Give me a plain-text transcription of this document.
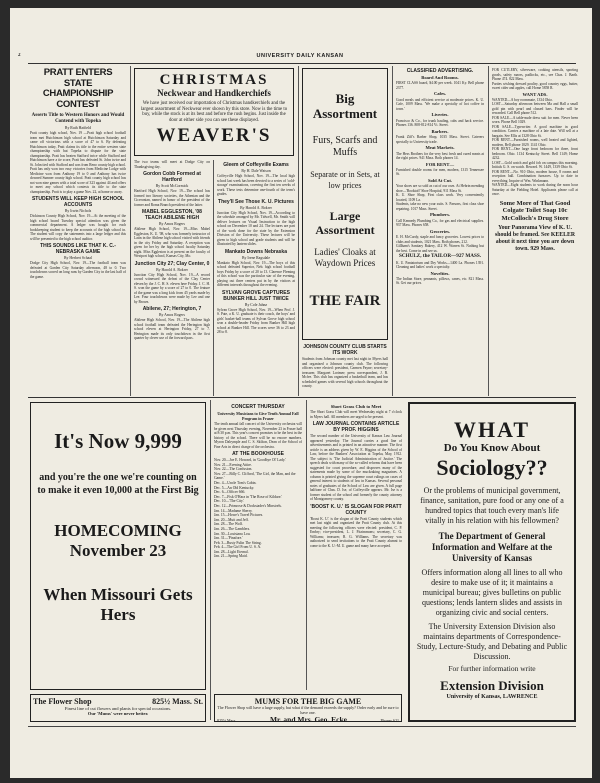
2	UNIVERSITY DAILY KANSAN
PRATT ENTERS STATE CHAMPIONSHIP CONTEST
Asserts Title to Western Honors and Would Contend with Topeka
By Ruth Hatfield
Pratt county high school, Nov. 19 —Pratt high school football team met Hutchinson high school at Hutchinson Saturday and came off victorious with a score of 47 to 6. By defeating Hutchinson today, Pratt claims its title to the entire western state championship with but Topeka to dispute for the state championship. Pratt has beaten Stafford twice while Stafford and Hutchinson have a tie score, Pratt has defeated St. John twice and St. John tied with Stafford and was from Reno county high school. Pratt has only won two easy victories from Medicine Lodge with Medicine won from Anthony 19 to 0 and Anthony has twice downed Sumner county high school. Pratt county high school has not won nine games with a total score of 323 against 44 and offers to meet any school which contests its title to the state championship. Pratt is to play a game Nov. 22, at home or away.
STUDENTS WILL KEEP HIGH SCHOOL ACCOUNTS
By Irwin Nichols
Dickinson County High School, Nov. 19—At the meeting of the high school board Tuesday special attention was given the commercial department. A ledger was bought for each bookkeeping student to keep the accounts of the high school in. The student will copy the statements into a large ledger and this will be presented to the high school auditor.
THIS SOUNDS LIKE THAT K. C.-NEBRASKA GAME
By Herbert Schaal
Dodge City High School, Nov. 19—The football team was defeated at Garden City Saturday afternoon, 48 to 0. Two touchdowns scored on long runs by Garden City in the last half of the game.
CHRISTMAS
Neckwear and Handkerchiefs
We have just received our importation of Christmas handkerchiefs and the largest assortment of Neckwear ever shown by this store. Now is the time to buy, while the stock is at its best and before the rush begins. Just inside the door at either side you can see these displayed.
WEAVER'S
The two teams will meet at Dodge City on Thanksgiving day.
Gordon Cobb Formed at Hartford
By Scott McCormick
Hartford High School, Nov. 19—The school has formed two literary societies, the Athenian and the Ciceronian, named in honor of the president of the former and Roma Branch president of the latter.
MABEL EGGLESTON, '08 TEACH ABILENE HIGH
By Amos Rogers
Abilene High School, Nov. 19—Miss Mabel Eggleston, K. U. '08, who was formerly instructor of Latin in the Abilene high school visited with friends in the city Friday and Saturday. A reception was given for her by the high school faculty Saturday night. Miss Eggleston is at present on the faculty of Westport high school, Kansas City, Mo.
Junction City 27; Clay Center, 0
By Harold A. Bokrer
Junction City High School, Nov. 19—A record crowd witnessed the defeat of the Clay Center eleven by the J. C. H. S. eleven here Friday. J. C. H. S. won the game by a score of 27 to 0. The feature of the game was a long kick from 45 yards made by Lee. Four touchdowns were made by Lee and one by Brown.
Abilene, 27; Herington, 7
By Amos Rogers
Abilene High School, Nov. 19—The Abilene high school football team defeated the Herington high school eleven at Herington Friday, 27 to 7. Herington made its only touchdown in the first quarter by clever use of the forward pass.
Gleem of Coffeyville Exams
By H. Dale Watson
Coffeyville High School, Nov. 19—The local high school last week has been devoted to a series of 'cold-storage' examinations, covering the first ten weeks of work. These tests determine one-fourth of the term's grades.
They'll See Those K. U. Pictures
By Harold A. Bokrer
Junction City High School, Nov. 19—According to the schedule arranged by Mr. Tidwell, Mr. Smith will deliver lectures on Visual Instruction to the high school on December 10 and 24. The lectures are part of the work done for the state by the Extension Division of the University. These lectures will be given to high school and grade students and will be illustrated by lantern slides.
Mankato Downs Nebraska
By Irene Ragsdale
Mankato High School, Nov. 19—The boys of this school defeated Superior, Neb. high school football boys Friday by a score of 20 to 13. Clarence Fleming of this school was the particular star of the evening, playing out three centers put in by the visitors at different intervals throughout the evening.
SYLVAN GROVE CAPTURES BUNKER HILL JUST TWICE
By Cole Jahnz
Sylvan Grove High School, Nov. 19—When Prof. J. S. Pate, a K. U. graduate is their coach, the boys' and girls' basket-ball teams of Sylvan Grove high school won a double-header Friday from Bunker Hill high school at Bunker Hill. The scores were 36 to 23 and 28 to 8.
Big
Assortment
Furs, Scarfs and Muffs
Separate or in Sets, at low prices
Large
Assortment
Ladies' Cloaks at Waydown Prices
THE FAIR
JOHNSON COUNTY CLUB STARTS ITS WORK
Students from Johnson county met last night in Myers hall and organized a Johnson county club. The following officers were elected: president, Carmen Payne; secretary-treasurer, Margaret Lorimer; press correspondent, J. B. Mcfee. This club has organized a basketball team, and has scheduled games with several high schools throughout the county.
CLASSIFIED ADVERTISING.
Board And Rooms.
FIRST CLASS board, $4.00 per week. 1041 Ky. Bell phone 2377.
Cafes.
Good meals and efficient service at moderate prices. K. U. Cafe, 1009 Mass. 'We make a specialty of hot coffee in town.'
Liveries.
Francisco & Co., for trunk hauling, cabs and hack service. Phones 136. 808-812-814 Vt. Street.
Barbers.
Frank Ziff's Barber Shop, 1035 Mass. Street. Caterers specially to University trade.
Meat Markets.
The Hess Brothers for the very best fresh and cured meats at the right prices. 941 Mass. Both phones 14.
FOR RENT—
Furnished double rooms for men, modern, 1315 Tennessee St.
Sold At Cut.
Your shoes are so sold as cut of our own. At Hebrin mending shoe—'Booktoff' Shoe Hospital, 911 Mass St.
K. U. Shoe Shop, First class work. Very conveniently located, 1109 La.
Students, take no new your suits. S. Parsons, first class shoe repairing. 1017 Mass. Street.
Plumbers.
Call Kennedy Plumbing Co., for gas and electrical supplies. 937 Mass. Phones 658.
Groceries.
E. H. McCurdy, staple and fancy groceries. Lowest prices to clubs and students, 1021 Mass. Both phones, 212.
Gillham's Sanitary Bakery, 412 W. Warren St. Nothing but the best. Come in and see us.
SCHULZ, the TAILOR—927 MASS.
K. U. Pantatorium and Dry Works—1400 La. Phones 1391. Cleaning and ladies' work a specialty.
Novelties.
The Indian Store, pennants, pillows, canes, etc. 821 Mass. St. Get our prices.
FOR CUTLERY, silverware, cooking utensils, sporting goods, safety razors, padlocks, etc., see Chas. J. Barth. Phone 474. 822 Mass.
Parties wishing dressed poultry, good country eggs, butter, sweet cider and apples, call Home 5858 R.
WANT ADS.
WANTED—A boy roommate, 1334 Ohio.
LOST—Saturday afternoon between Ma and Hall a small gold pin with pearl and chased bars. Finder will be rewarded. Call Bell phone 512.
FOR SALE—A table-nude dress suit for men. Never been worn. Phone Bell 1029.
FOR SALE—Typewriter. A good machine in good condition. Carries a machine of a late date. Will sell at a bargain. See Ellis at 1328 Ohio St.
FOR RENT—Furnished rooms, well heated and lighted, modern, Bell phone 1029. 1141 Ohio.
FOR RENT—One large front bedroom for three, front bedroom. Ohio. 1134 Kentucky Street. Bell 1149; Home 4232.
LOST—Gold watch and gold fob on campus this morning. Initials G. S. on watch. Reward. W. 1449, 1339 Ohio St.
FOR RENT—No. 910 Ohio, modern house, 8 rooms and reception hall. Combination furnaces. Up to date in everything. Inquire of Wm. Winkmann.
WANTED—Eight students to work during the noon hour Saturday at the Fielding Hotel. Applicants please call at once.
Some More of That Good
Colgate Toilet Soap 10c
McColloch's Drug Store
Your Panorama View of K. U. should be framed. See KEELER about it next time you are down town. 929 Mass.
It's Now 9,999
and you're the one we're counting on to make it even 10,000 at the First Big
HOMECOMING
November 23
When Missouri Gets Hers
The Flower Shop	825½ Mass. St.
Finest line of cut flowers and plants for special occasions.
Our 'Mums' were never better.
CONCERT THURSDAY
University Musicians to Give Tenth Annual Fall Program in Fraser
The tenth annual fall concert of the University orchestra will be given next Thursday evening, November 23 in Fraser hall at 8:30 p.m. This year's concert promises to be the best in the history of the school. There will be no encore numbers. Myron Dalrymple and C. S. Skilton, Dean of the School of Fine Arts in direct charge of the orchestra.
AT THE BOOKHOUSE
Nov. 20—Joe E. Howard, in 'Goodbye Ol' Lady.'
Nov. 21—Evening Attire.
Nov. 22—The Confusion.
Nov. 27—Billy C. Clifford, 'The Girl, the Man, and the Game.'
Dec. 4—Uncle Tom's Cabin.
Dec. 5—An Old Kentucky.
Dec. 6—Officer 666.
Dec. 7—Fisk O'Hara in 'The Rose of Kildare.'
Dec. 10—'The City.'
Dec. 12—Primrose & Dockstader's Minstrels.
Jan. 14—Madame Sherry.
Jan. 15—Howe's Travel Pictures.
Jan. 20—Mutt and Jeff.
Jan. 28—The Wolf.
Jan. 26—The Gamblers.
Jan. 30—Louisiana Lou.
Jan. 31—'Pinafore.'
Feb. 3—Busty Fulin The String.
Feb. 4—The Girl From U. S. A.
Jan. 28—Light Eternal.
Jan. 21—Spring Maid.
Short Grass Club to Meet
The Short Grass Club will meet Wednesday night at 7 o'clock in Myers hall. All members are urged to be present.
LAW JOURNAL CONTAINS ARTICLE BY PROF. HIGGINS
The second number of the University of Kansas Law Journal appeared yesterday. The Journal carries a good line of advertisements and is printed in an attractive manner. The first article is an address given by W. E. Higgins of the School of Law, before the Bankers' Association at Topeka, May, 1912. The subject is 'The Judicial Administration of Justice.' The speech deals with many of the so-called reforms that have been suggested for court procedure, and disproves many of the statements made by some of the muckraking magazines. A column is printed giving the supreme court rulings on cases of general interest to students of law in Kansas. Several personal notes of graduates of the School of Law are given. A full page halftone of Chas. D. Ise, of Coffeyville appears. Mr. Ise is a former student of the school and formerly the county attorney of Montgomery county.
'BOOST K. U.' IS SLOGAN FOR PRATT COUNTY
'Boost K. U.' is the slogan of the Pratt County students which met last night and organized the Pratt County club. At this meeting the following officers were elected: president, C. P. Embry; vice-president, L. J. Fitzimmons; secretary, C. G. Williams; treasurer, R. G. Williams. The secretary was authorized to send invitations to the Pratt County alumni to come to the K. U.-M. U. game and many have accepted.
MUMS FOR THE BIG GAME
The Flower Shop will have a large supply, but what if the demand exceeds the supply? Order early and be sure to have one.
825½ Mass.	Mr. and Mrs. Geo. Ecke	Phones 621
WHAT
Do You Know About
Sociology??
Or the problems of municipal government, finance, sanitation, pure food or any one of a hundred topics that touch every man's life vitally in his relation with his fellowmen?
The Department of General Information and Welfare at the University of Kansas
Offers information along all lines to all who desire to make use of it; it maintains a municipal bureau; gives bulletins on public questions; lends lantern slides and assists in organizing civic and social centers.
The University Extension Division also maintains departments of Correspondence-Study, Lecture-Study, and Debating and Public Discussion.
For further information write
Extension Division
University of Kansas, LAWRENCE
